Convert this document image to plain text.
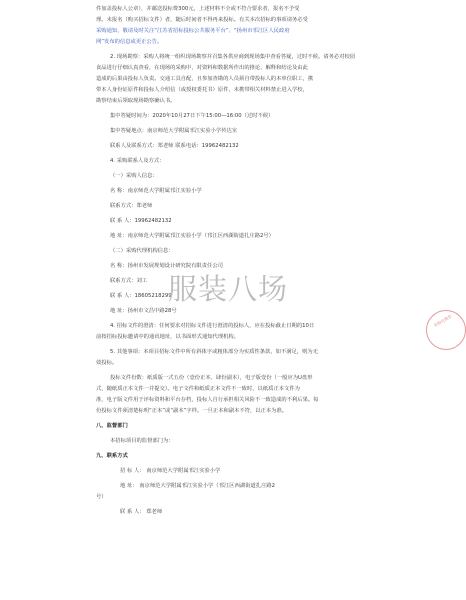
件加盖投标人公章），并邮送投标费300元，上述材料不全或不符合要求者，报名不予受
理。未报名（购买招标文件）者，随后时间者不得再来投标。有关本次招标的事项请务必受
采购通知，敬请及时关注“江苏省招标投标公共服务平台”、“扬州市邗江区人民政府
网”发布的信息或更正公告。
2. 现场勘察：采购人将统一组织现场勘察并召集各供应商到现场集中查看答疑，过时不候。请务必对校园
食品进行仔细认真查看，在现场的采购中，对资料和数据所作出的推论、解释和结论及由此
造成的后果由投标人负责。交通工具自配，且参加查勘的人员须自带投标人的本单位职工，携
带本人身份证原件和投标人介绍信（或授权委托书）原件，未携带相关材料禁止进入学校，
勘察结束后领取现场勘察确认书。
集中答疑时间为：2020年10月27日下午15:00—16:00（过时不候）
集中答疑地点：南京师范大学附属邗江实验小学传达室
联系人及联系方式：郑老师 联系电话：19962482132
4. 采购联系人及方式：
（一）采购人信息：
名 称：南京师范大学附属邗江实验小学
联系方式：郑老师
联 系 人：19962482132
地 址：南京师范大学附属邗江实验小学（邗江区西湖街道扎庄路2号）
（二）采购代理机构信息：
名 称：扬州市发展规划设计研究院有限责任公司
联系方式：刘工
联 系 人：18605218299
地 址：扬州市文昌中路28号
4. 招标文件的澄清：任何要求对招标文件进行澄清的投标人，应在投标截止日期的10日
前按招标投标邀请中的通讯地址，以书面形式通知代理机构。
5. 其他事项：本项目招标文件中所有斜体字或粗体部分为实质性条款，如不满足，则为无
效投标。
投标文件份数：纸质版一式五份（壹份正本、肆份副本），电子版壹份（一般应为U盘形
式，随纸质正本文件一并提交）。电子文件和纸质正本文件不一致时，以纸质正本文件为
准，电子版文件用于评标资料和平台存档，投标人自行承担相关风险不一致造成的不利后果。每
份投标文件须清楚标明“正本”或“副本”字样。一旦正本和副本不符，以正本为准。
八、监督部门
本招标项目的监督部门为：
九、联系方式
招 标 人： 南京师范大学附属邗江实验小学
地 址： 南京师范大学附属邗江实验小学（邗江区西湖街道扎庄路2
号）
联 系 人： 郑老师
服装八场
采购代理章
